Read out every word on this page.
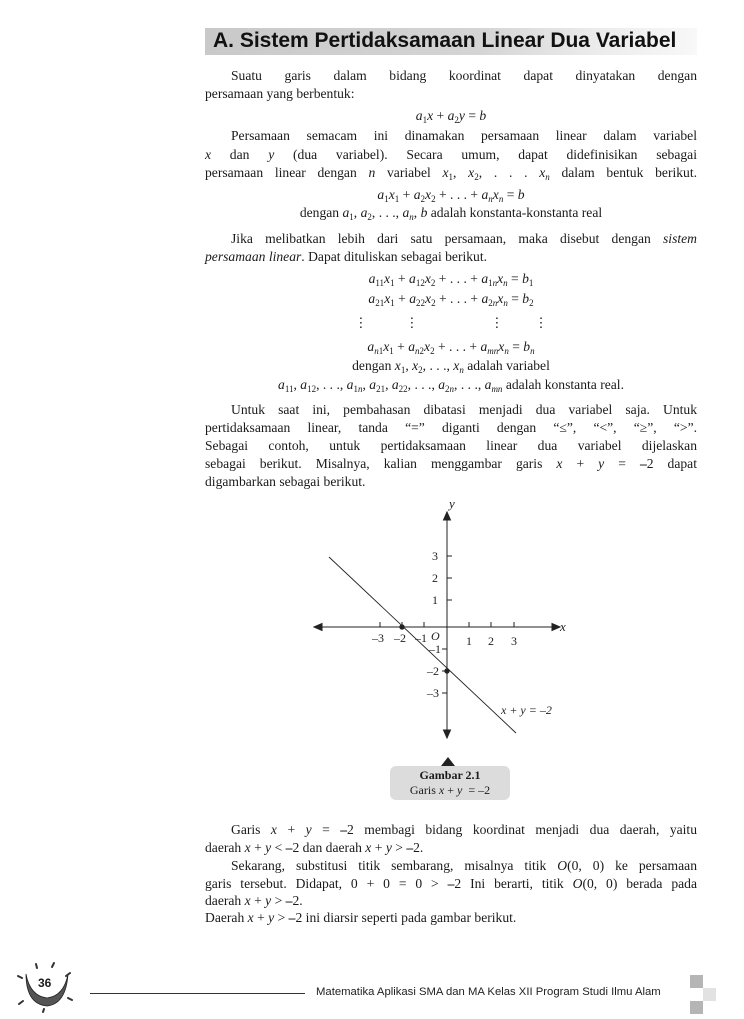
A. Sistem Pertidaksamaan Linear Dua Variabel
Suatu garis dalam bidang koordinat dapat dinyatakan dengan
persamaan yang berbentuk:
$a_1x + a_2y = b$
Persamaan semacam ini dinamakan persamaan linear dalam variabel
x dan y (dua variabel). Secara umum, dapat didefinisikan sebagai
persamaan linear dengan n variabel $x_1$, $x_2$, . . . $x_n$ dalam bentuk berikut.
$a_1x_1 + a_2x_2$ + . . . + $a_nx_n = b$
dengan $a_1$, $a_2$, . . ., $a_n$, b adalah konstanta-konstanta real
Jika melibatkan lebih dari satu persamaan, maka disebut dengan sistem
persamaan linear. Dapat dituliskan sebagai berikut.
$a_{11}x_1 + a_{12}x_2$ + . . . + $a_{1n}x_n = b_1$
$a_{21}x_1 + a_{22}x_2$ + . . . + $a_{2n}x_n = b_2$
⋮           ⋮                     ⋮         ⋮
$a_{n1}x_1 + a_{n2}x_2$ + . . . + $a_{mn}x_n = b_n$
dengan $x_1$, $x_2$, . . ., $x_n$ adalah variabel
$a_{11}$, $a_{12}$, . . ., $a_{1n}$, $a_{21}$, $a_{22}$, . . ., $a_{2n}$, . . ., $a_{mn}$ adalah konstanta real.
Untuk saat ini, pembahasan dibatasi menjadi dua variabel saja. Untuk
pertidaksamaan linear, tanda “=” diganti dengan “≤”, “<”, “≥”, “>”.
Sebagai contoh, untuk pertidaksamaan linear dua variabel dijelaskan
sebagai berikut. Misalnya, kalian menggambar garis x + y = –2 dapat
digambarkan sebagai berikut.
y
x
O
–3 –2 –1	1 2 3
3
2
1
–1
–2
–3
x + y = –2
Gambar 2.1
Garis x + y  = –2
Garis x + y = –2 membagi bidang koordinat menjadi dua daerah, yaitu
daerah x + y < –2 dan daerah x + y > –2.
Sekarang, substitusi titik sembarang, misalnya titik O(0, 0) ke persamaan
garis tersebut. Didapat, 0 + 0 = 0 > –2 Ini berarti, titik O(0, 0) berada pada
daerah x + y > –2.
Daerah x + y > –2 ini diarsir seperti pada gambar berikut.
36
Matematika Aplikasi SMA dan MA Kelas XII Program Studi Ilmu Alam
